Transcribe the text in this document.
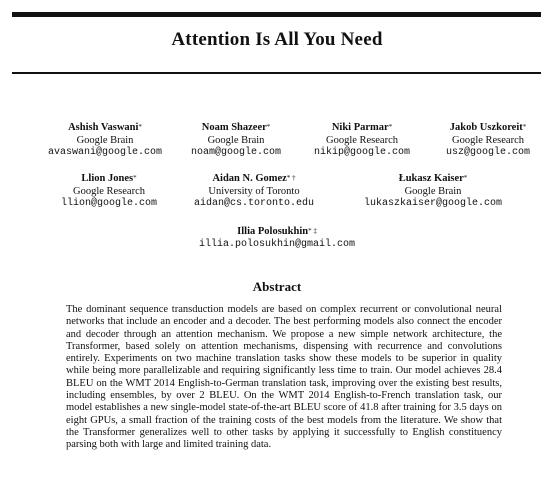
Attention Is All You Need
Ashish Vaswani*
Google Brain
avaswani@google.com
Noam Shazeer*
Google Brain
noam@google.com
Niki Parmar*
Google Research
nikip@google.com
Jakob Uszkoreit*
Google Research
usz@google.com
Llion Jones*
Google Research
llion@google.com
Aidan N. Gomez* †
University of Toronto
aidan@cs.toronto.edu
Łukasz Kaiser*
Google Brain
lukaszkaiser@google.com
Illia Polosukhin* ‡
illia.polosukhin@gmail.com
Abstract

The dominant sequence transduction models are based on complex recurrent or convolutional neural networks that include an encoder and a decoder. The best performing models also connect the encoder and decoder through an attention mechanism. We propose a new simple network architecture, the Transformer, based solely on attention mechanisms, dispensing with recurrence and convolutions entirely. Experiments on two machine translation tasks show these models to be superior in quality while being more parallelizable and requiring significantly less time to train. Our model achieves 28.4 BLEU on the WMT 2014 English-to-German translation task, improving over the existing best results, including ensembles, by over 2 BLEU. On the WMT 2014 English-to-French translation task, our model establishes a new single-model state-of-the-art BLEU score of 41.8 after training for 3.5 days on eight GPUs, a small fraction of the training costs of the best models from the literature. We show that the Transformer generalizes well to other tasks by applying it successfully to English constituency parsing both with large and limited training data.
